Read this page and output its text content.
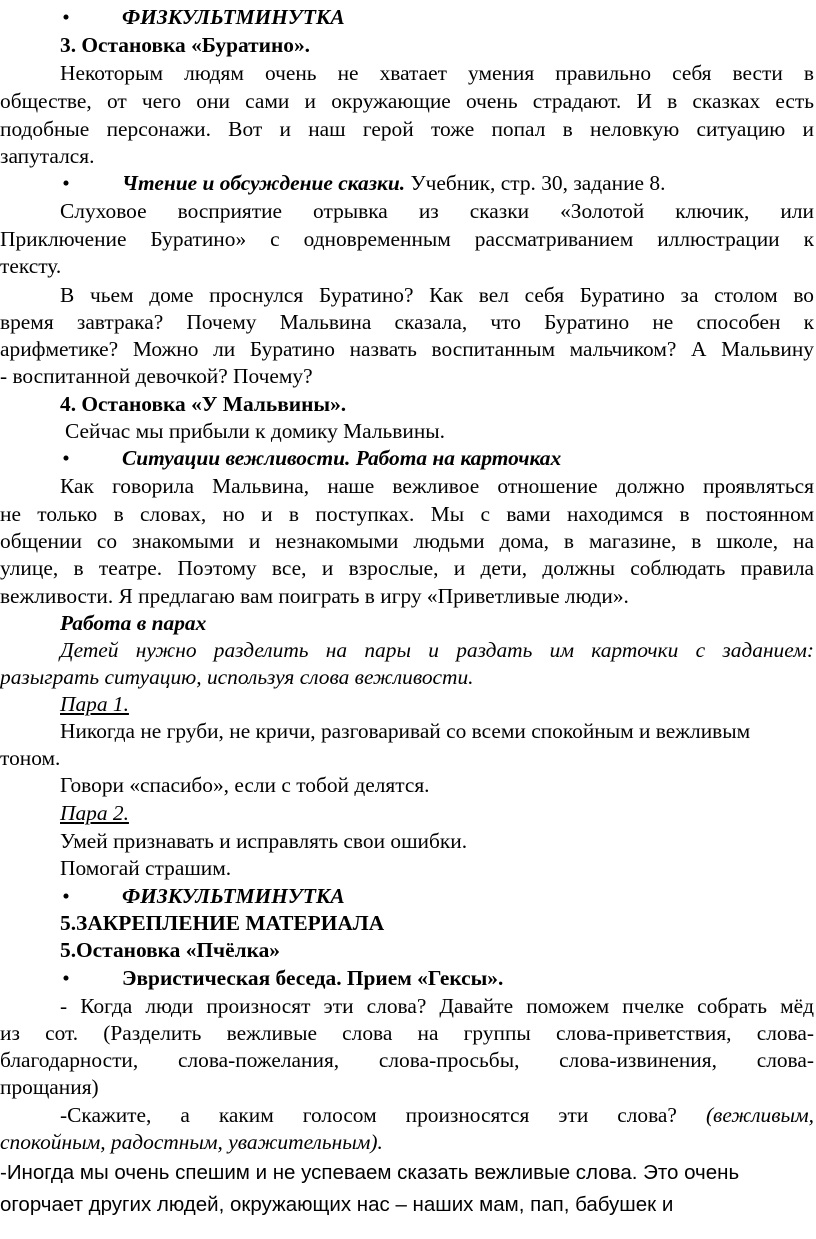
• ФИЗКУЛЬТМИНУТКА
3. Остановка «Буратино».
Некоторым людям очень не хватает умения правильно себя вести в
обществе, от чего они сами и окружающие очень страдают. И в сказках есть
подобные персонажи. Вот и наш герой тоже попал в неловкую ситуацию и
запутался.
• Чтение и обсуждение сказки. Учебник, стр. 30, задание 8.
Слуховое восприятие отрывка из сказки «Золотой ключик, или
Приключение Буратино» с одновременным рассматриванием иллюстрации к
тексту.
В чьем доме проснулся Буратино? Как вел себя Буратино за столом во
время завтрака? Почему Мальвина сказала, что Буратино не способен к
арифметике? Можно ли Буратино назвать воспитанным мальчиком? А Мальвину
- воспитанной девочкой? Почему?
4. Остановка «У Мальвины».
Сейчас мы прибыли к домику Мальвины.
• Ситуации вежливости. Работа на карточках
Как говорила Мальвина, наше вежливое отношение должно проявляться
не только в словах, но и в поступках. Мы с вами находимся в постоянном
общении со знакомыми и незнакомыми людьми дома, в магазине, в школе, на
улице, в театре. Поэтому все, и взрослые, и дети, должны соблюдать правила
вежливости. Я предлагаю вам поиграть в игру «Приветливые люди».
Работа в парах
Детей нужно разделить на пары и раздать им карточки с заданием:
разыграть ситуацию, используя слова вежливости.
Пара 1.
Никогда не груби, не кричи, разговаривай со всеми спокойным и вежливым
тоном.
Говори «спасибо», если с тобой делятся.
Пара 2.
Умей признавать и исправлять свои ошибки.
Помогай страшим.
• ФИЗКУЛЬТМИНУТКА
5.ЗАКРЕПЛЕНИЕ МАТЕРИАЛА
5.Остановка «Пчёлка»
• Эвристическая беседа. Прием «Гексы».
- Когда люди произносят эти слова? Давайте поможем пчелке собрать мёд
из сот. (Разделить вежливые слова на группы слова-приветствия, слова-
благодарности, слова-пожелания, слова-просьбы, слова-извинения, слова-
прощания)
-Скажите, а каким голосом произносятся эти слова? (вежливым,
спокойным, радостным, уважительным).
-Иногда мы очень спешим и не успеваем сказать вежливые слова. Это очень
огорчает других людей, окружающих нас – наших мам, пап, бабушек и
